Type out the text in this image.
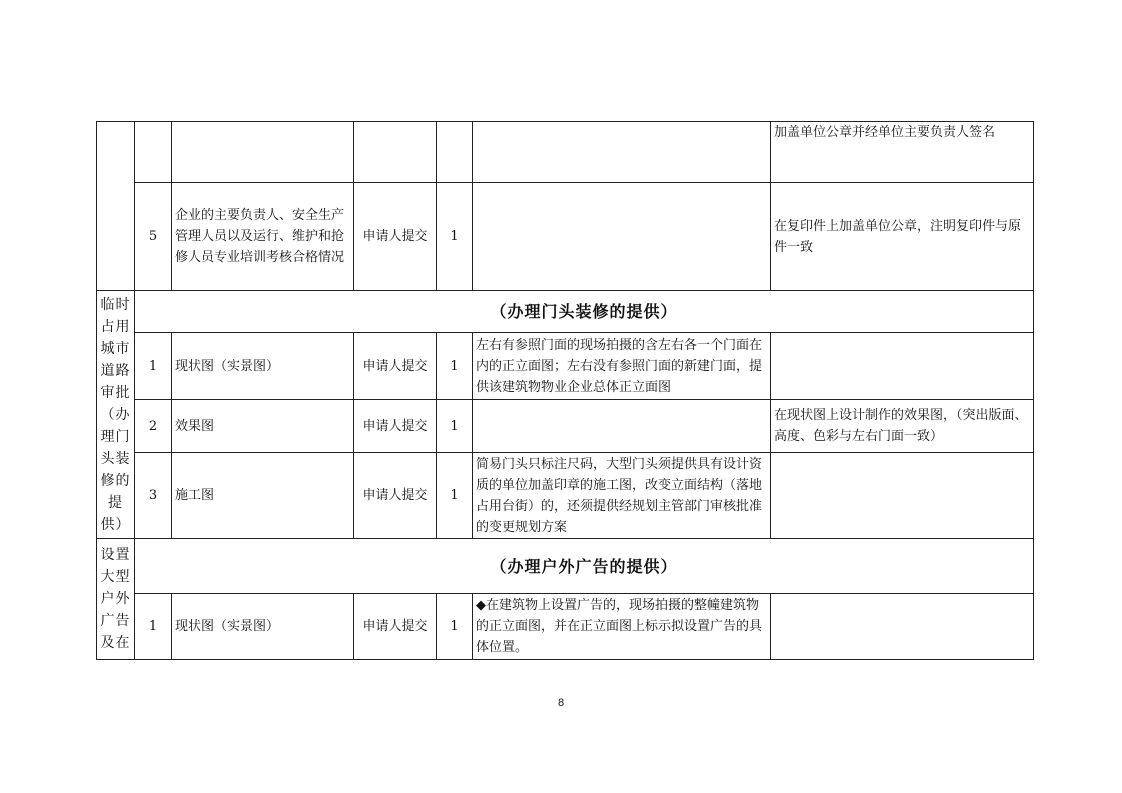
						加盖单位公章并经单位主要负责人签名
	5	企业的主要负责人、安全生产管理人员以及运行、维护和抢修人员专业培训考核合格情况	申请人提交	1		在复印件上加盖单位公章，注明复印件与原件一致
临时占用城市道路审批（办理门头装修的提供）	（办理门头装修的提供）					
	1	现状图（实景图）	申请人提交	1	左右有参照门面的现场拍摄的含左右各一个门面在内的正立面图；左右没有参照门面的新建门面，提供该建筑物物业企业总体正立面图	
	2	效果图	申请人提交	1		在现状图上设计制作的效果图，（突出版面、高度、色彩与左右门面一致）
	3	施工图	申请人提交	1	简易门头只标注尺码，大型门头须提供具有设计资质的单位加盖印章的施工图，改变立面结构（落地占用台街）的，还须提供经规划主管部门审核批准的变更规划方案	
设置大型户外广告及在	（办理户外广告的提供）					
	1	现状图（实景图）	申请人提交	1	◆在建筑物上设置广告的，现场拍摄的整幢建筑物的正立面图，并在正立面图上标示拟设置广告的具体位置。	
8
